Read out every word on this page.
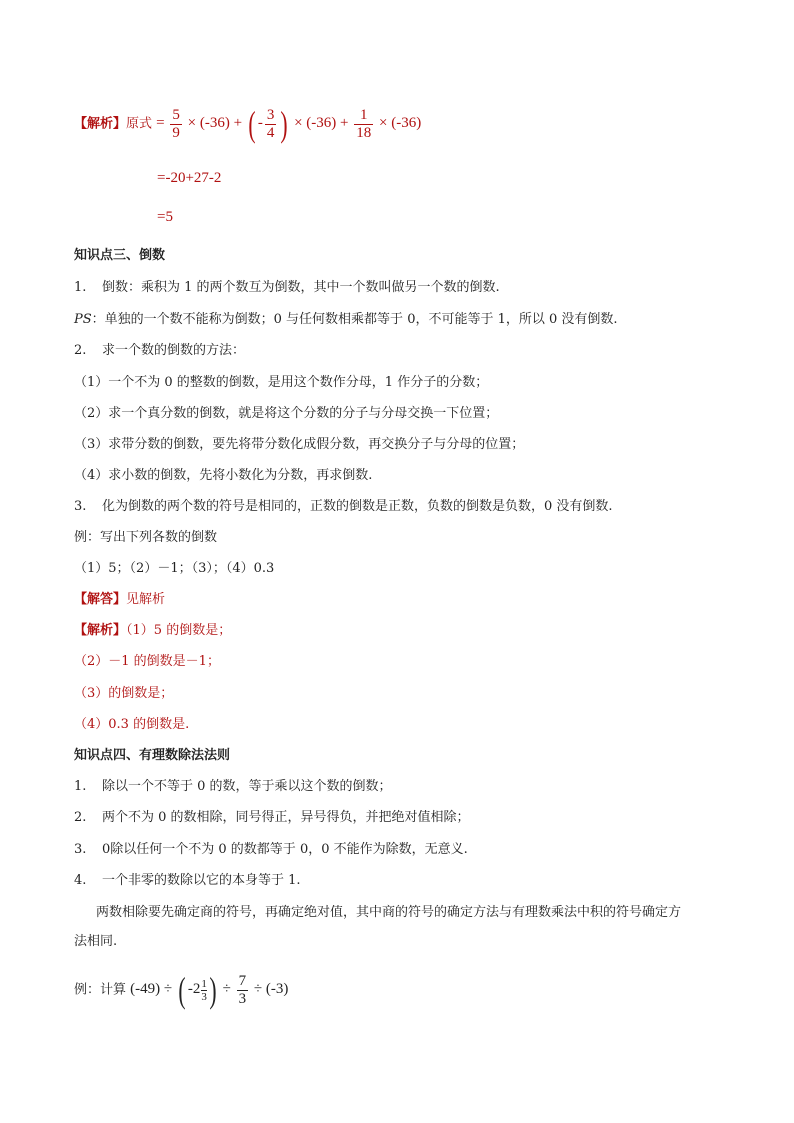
【解析】原式 = $\frac{5}{9} \times (-36)$ + ( - $\frac{3}{4}$ ) × $(-36) + \frac{1}{18} \times (-36)$
=-20+27-2
=5
知识点三、倒数
1. 倒数：乘积为 1 的两个数互为倒数，其中一个数叫做另一个数的倒数.
PS：单独的一个数不能称为倒数；0 与任何数相乘都等于 0，不可能等于 1，所以 0 没有倒数.
2. 求一个数的倒数的方法：
（1）一个不为 0 的整数的倒数，是用这个数作分母，1 作分子的分数；
（2）求一个真分数的倒数，就是将这个分数的分子与分母交换一下位置；
（3）求带分数的倒数，要先将带分数化成假分数，再交换分子与分母的位置；
（4）求小数的倒数，先将小数化为分数，再求倒数.
3. 化为倒数的两个数的符号是相同的，正数的倒数是正数，负数的倒数是负数，0 没有倒数.
例：写出下列各数的倒数
（1）5；（2）－1；（3）；（4）0.3
【解答】见解析
【解析】（1）5 的倒数是；
（2）－1 的倒数是－1；
（3）的倒数是；
（4）0.3 的倒数是.
知识点四、有理数除法法则
1. 除以一个不等于 0 的数，等于乘以这个数的倒数；
2. 两个不为 0 的数相除，同号得正，异号得负，并把绝对值相除；
3. 0除以任何一个不为 0 的数都等于 0，0 不能作为除数，无意义.
4. 一个非零的数除以它的本身等于 1.
两数相除要先确定商的符号，再确定绝对值，其中商的符号的确定方法与有理数乘法中积的符号确定方
法相同.
例：计算 (-49) ÷ ( $-2 \frac{1}{3}$ ) ÷ $\frac{7}{3} \div (-3)$
